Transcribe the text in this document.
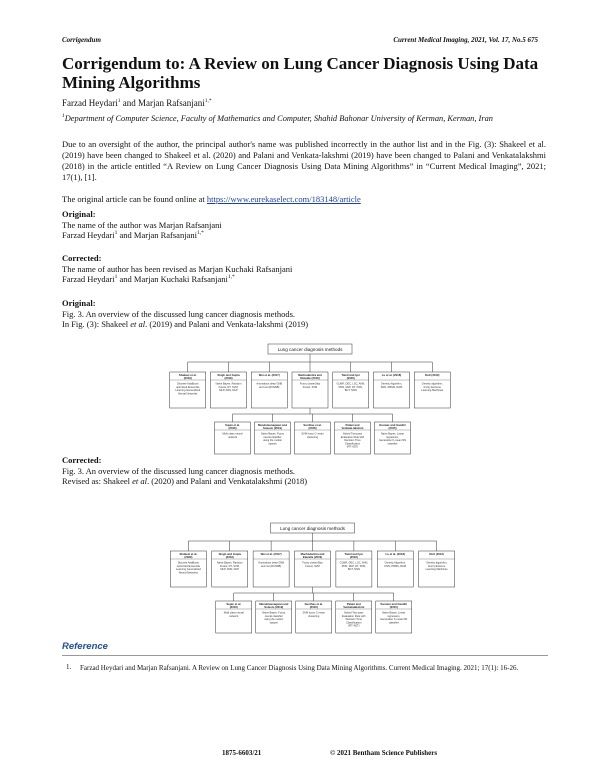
Corrigendum	Current Medical Imaging, 2021, Vol. 17, No.5 675
Corrigendum to: A Review on Lung Cancer Diagnosis Using Data Mining Algorithms
Farzad Heydari$^1$ and Marjan Rafsanjani$^{1,*}$
$^1$Department of Computer Science, Faculty of Mathematics and Computer, Shahid Bahonar University of Kerman, Kerman, Iran
Due to an oversight of the author, the principal author's name was published incorrectly in the author list and in the Fig. (3): Shakeel et al. (2019) have been changed to Shakeel et al. (2020) and Palani and Venkata-lakshmi (2019) have been changed to Palani and Venkatalakshmi (2018) in the article entitled “A Review on Lung Cancer Diagnosis Using Data Mining Algorithms” in “Current Medical Imaging”, 2021; 17(1), [1].
The original article can be found online at https://www.eurekaselect.com/183148/article
Original:
The name of the author was Marjan Rafsanjani
Farzad Heydari$^1$ and Marjan Rafsanjani$^{1,*}$
Corrected:
The name of author has been revised as Marjan Kuchaki Rafsanjani
Farzad Heydari$^1$ and Marjan Kuchaki Rafsanjani$^{1,*}$
Original:
Fig. 3. An overview of the discussed lung cancer diagnosis methods.
In Fig. (3): Shakeel et al. (2019) and Palani and Venkata-lakshmi (2019)
Lung cancer diagnosis methods
Shakeel et al. (2019)
Discrete AdaBoost optimized Ensemble Learning Generalized Neural Networks
Singh and Gupta (2019)
Naive Bayes, Random Forest, DT, SVM, MLP, ANN, MLP
Wei et al. (2017)
Anomalous deep GNB and net (RCNNB)
Machadanitra and Elavalle (2019)
Fuzzy clusterSkip Forest, SVM
Tamil and Iyer (2016)
GLMR, DEC, LSC, ANN, PNN, MLP, DT, KNN, BCT, NNN
Lu et al. (2018)
Genetic Algorithm, KNN, PRMS, RAM
Dutt (2012)
Genetic algorithm, Fuzzy Extreme Learning Machines
Sujan et al. (2016)
Multi class neural network
Mandoleanagwan and Soleom (2019)
Naive Bayes, Fuzzy neural classifier using the motion spaces
Sunthas et al. (2016)
SVM fuzzy C-mean clustering
Palani and Venkata-lakshmi
Hybrid Two-pass Evaluation Rule with Decision Time Classification (FIT-ADT)
Kunwar and Gandhi (2015)
Naive Bayes, Linear regression, Generation K-mean NN classifier
Corrected:
Fig. 3. An overview of the discussed lung cancer diagnosis methods.
Revised as: Shakeel et al. (2020) and Palani and Venkatalakshmi (2018)
Lung cancer diagnosis methods
Shakeel et al. (2020)
Discrete AdaBoost optimized Ensemble Learning Generalized Neural Networks
Singh and Gupta (2019)
Naive Bayes, Random Forest, DT, SVM, MLP, ANN, MLP
Wei et al. (2017)
Anomalous deep GNB and net (RCNNB)
Machadanitra and Elavalle (2019)
Fuzzy clusterSkip Forest, SVM
Tamil and Iyer (2016)
GLMR, DEC, LSC, ANN, PNN, MLP, DT, KNN, BCT, NNN
Lu et al. (2018)
Genetic Algorithm, KNN, PRMS, RAM
Dutt (2012)
Genetic algorithm, Fuzzy Extreme Learning Machines
Sujan et al. (2016)
Multi class neural network
Mandoleanagwan and Soleom (2019)
Naive Bayes, Fuzzy neural classifier using the motion spaces
Sunthas et al. (2016)
SVM fuzzy C-mean clustering
Palani and Venkatalakshmi
Hybrid Two-pass Evaluation Rule with Decision Time Classification (FIT-ADT)
Kunwar and Gandhi (2015)
Naive Bayes, Linear regression, Generation K-mean NN classifier
Reference
1. Farzad Heydari and Marjan Rafsanjani. A Review on Lung Cancer Diagnosis Using Data Mining Algorithms. Current Medical Imaging. 2021; 17(1): 16-26.
1875-6603/21	© 2021 Bentham Science Publishers
